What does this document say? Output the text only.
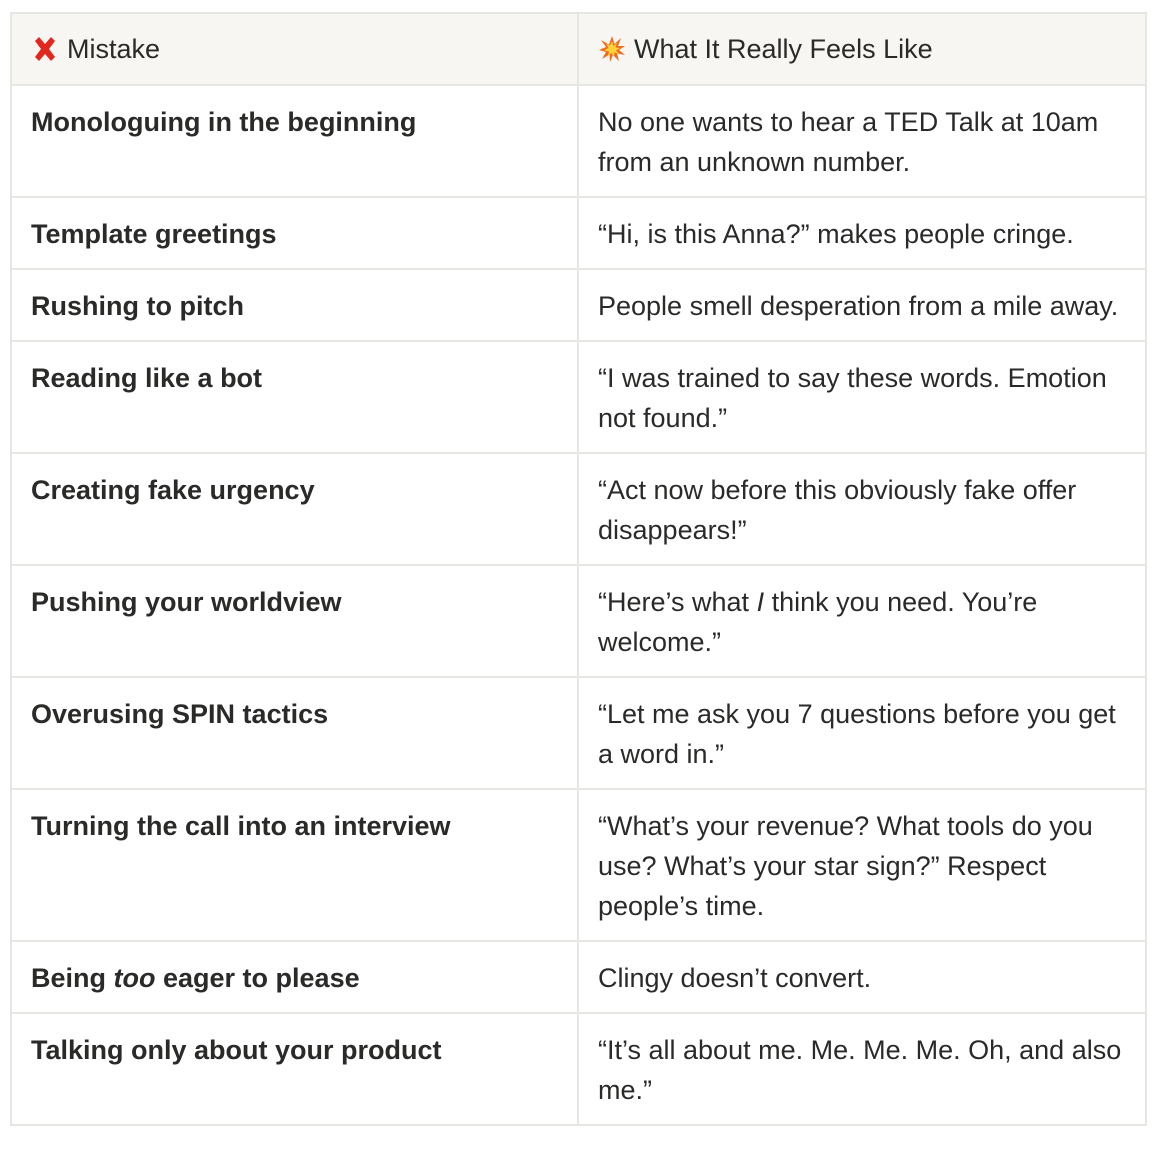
Mistake	What It Really Feels Like

Monologuing in the beginning	No one wants to hear a TED Talk at 10am from an unknown number.
Template greetings	“Hi, is this Anna?” makes people cringe.
Rushing to pitch	People smell desperation from a mile away.
Reading like a bot	“I was trained to say these words. Emotion not found.”
Creating fake urgency	“Act now before this obviously fake offer disappears!”
Pushing your worldview	“Here’s what I think you need. You’re welcome.”
Overusing SPIN tactics	“Let me ask you 7 questions before you get a word in.”
Turning the call into an interview	“What’s your revenue? What tools do you use? What’s your star sign?” Respect people’s time.
Being too eager to please	Clingy doesn’t convert.
Talking only about your product	“It’s all about me. Me. Me. Me. Oh, and also me.”
